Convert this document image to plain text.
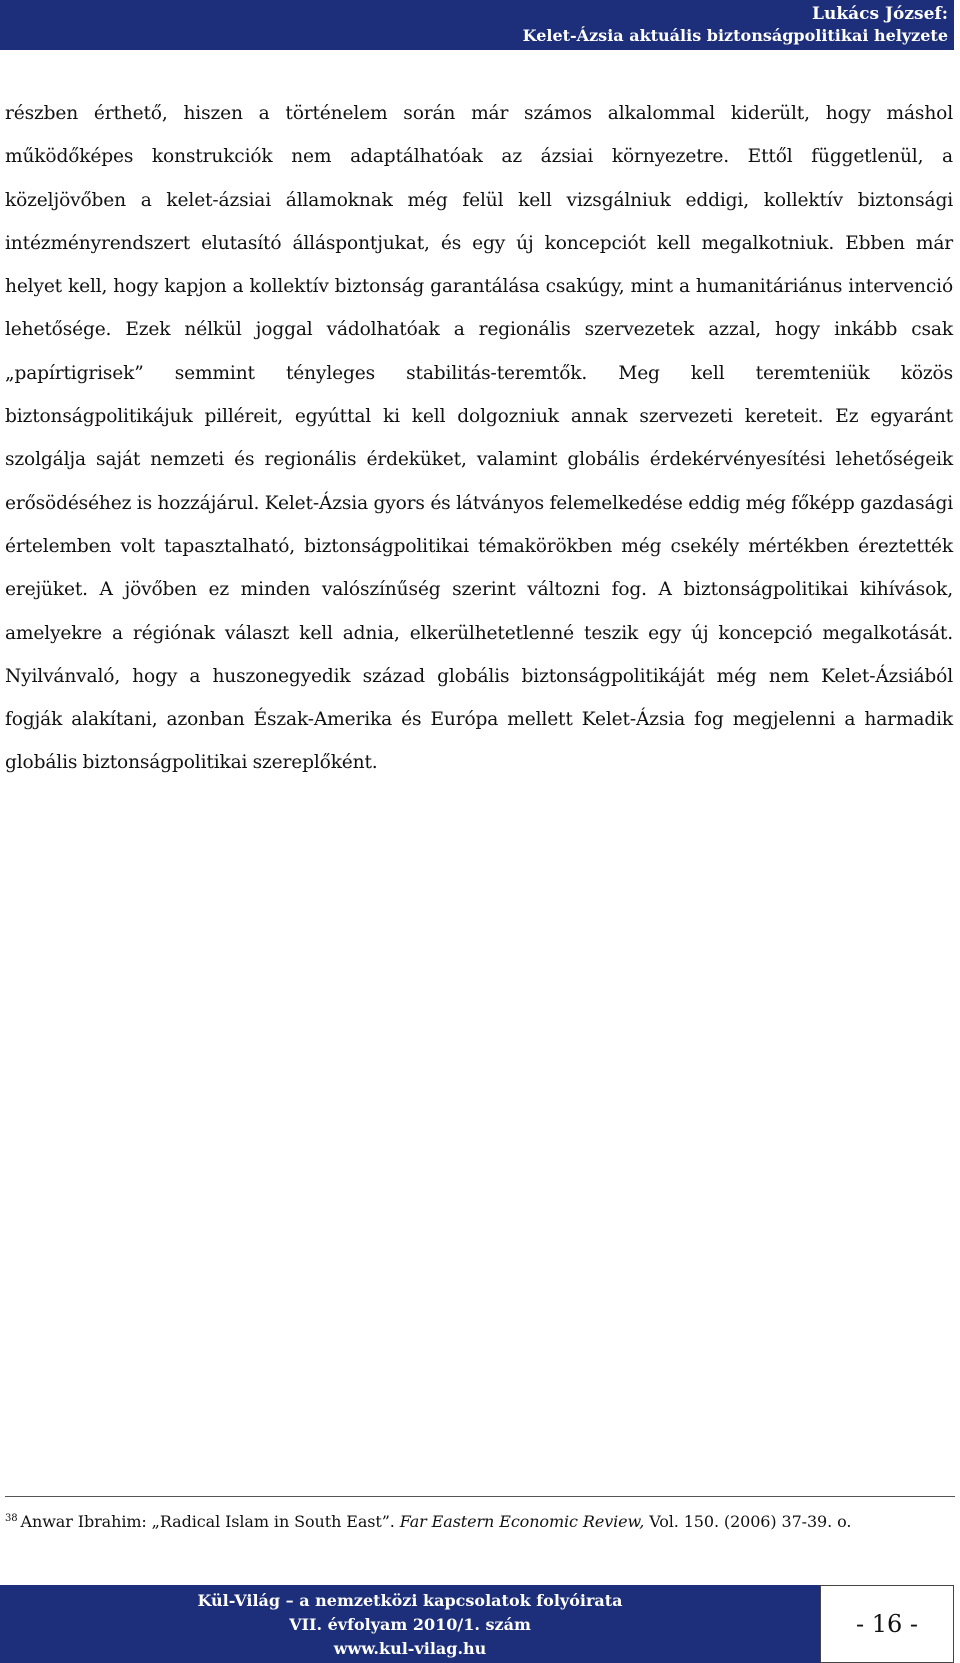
Lukács József:
Kelet-Ázsia aktuális biztonságpolitikai helyzete
részben érthető, hiszen a történelem során már számos alkalommal kiderült, hogy máshol működőképes konstrukciók nem adaptálhatóak az ázsiai környezetre. Ettől függetlenül, a közeljövőben a kelet-ázsiai államoknak még felül kell vizsgálniuk eddigi, kollektív biztonsági intézményrendszert elutasító álláspontjukat, és egy új koncepciót kell megalkotniuk. Ebben már helyet kell, hogy kapjon a kollektív biztonság garantálása csakúgy, mint a humanitáriánus intervenció lehetősége. Ezek nélkül joggal vádolhatóak a regionális szervezetek azzal, hogy inkább csak „papírtigrisek” semmint tényleges stabilitás-teremtők. Meg kell teremteniük közös biztonságpolitikájuk pilléreit, egyúttal ki kell dolgozniuk annak szervezeti kereteit. Ez egyaránt szolgálja saját nemzeti és regionális érdeküket, valamint globális érdekérvényesítési lehetőségeik erősödéséhez is hozzájárul. Kelet-Ázsia gyors és látványos felemelkedése eddig még főképp gazdasági értelemben volt tapasztalható, biztonságpolitikai témakörökben még csekély mértékben éreztették erejüket. A jövőben ez minden valószínűség szerint változni fog. A biztonságpolitikai kihívások, amelyekre a régiónak választ kell adnia, elkerülhetetlenné teszik egy új koncepció megalkotását. Nyilvánvaló, hogy a huszonegyedik század globális biztonságpolitikáját még nem Kelet-Ázsiából fogják alakítani, azonban Észak-Amerika és Európa mellett Kelet-Ázsia fog megjelenni a harmadik globális biztonságpolitikai szereplőként.
$^{38}$ Anwar Ibrahim: „Radical Islam in South East”. Far Eastern Economic Review, Vol. 150. (2006) 37-39. o.
Kül-Világ – a nemzetközi kapcsolatok folyóirata
VII. évfolyam 2010/1. szám
www.kul-vilag.hu
- 16 -
